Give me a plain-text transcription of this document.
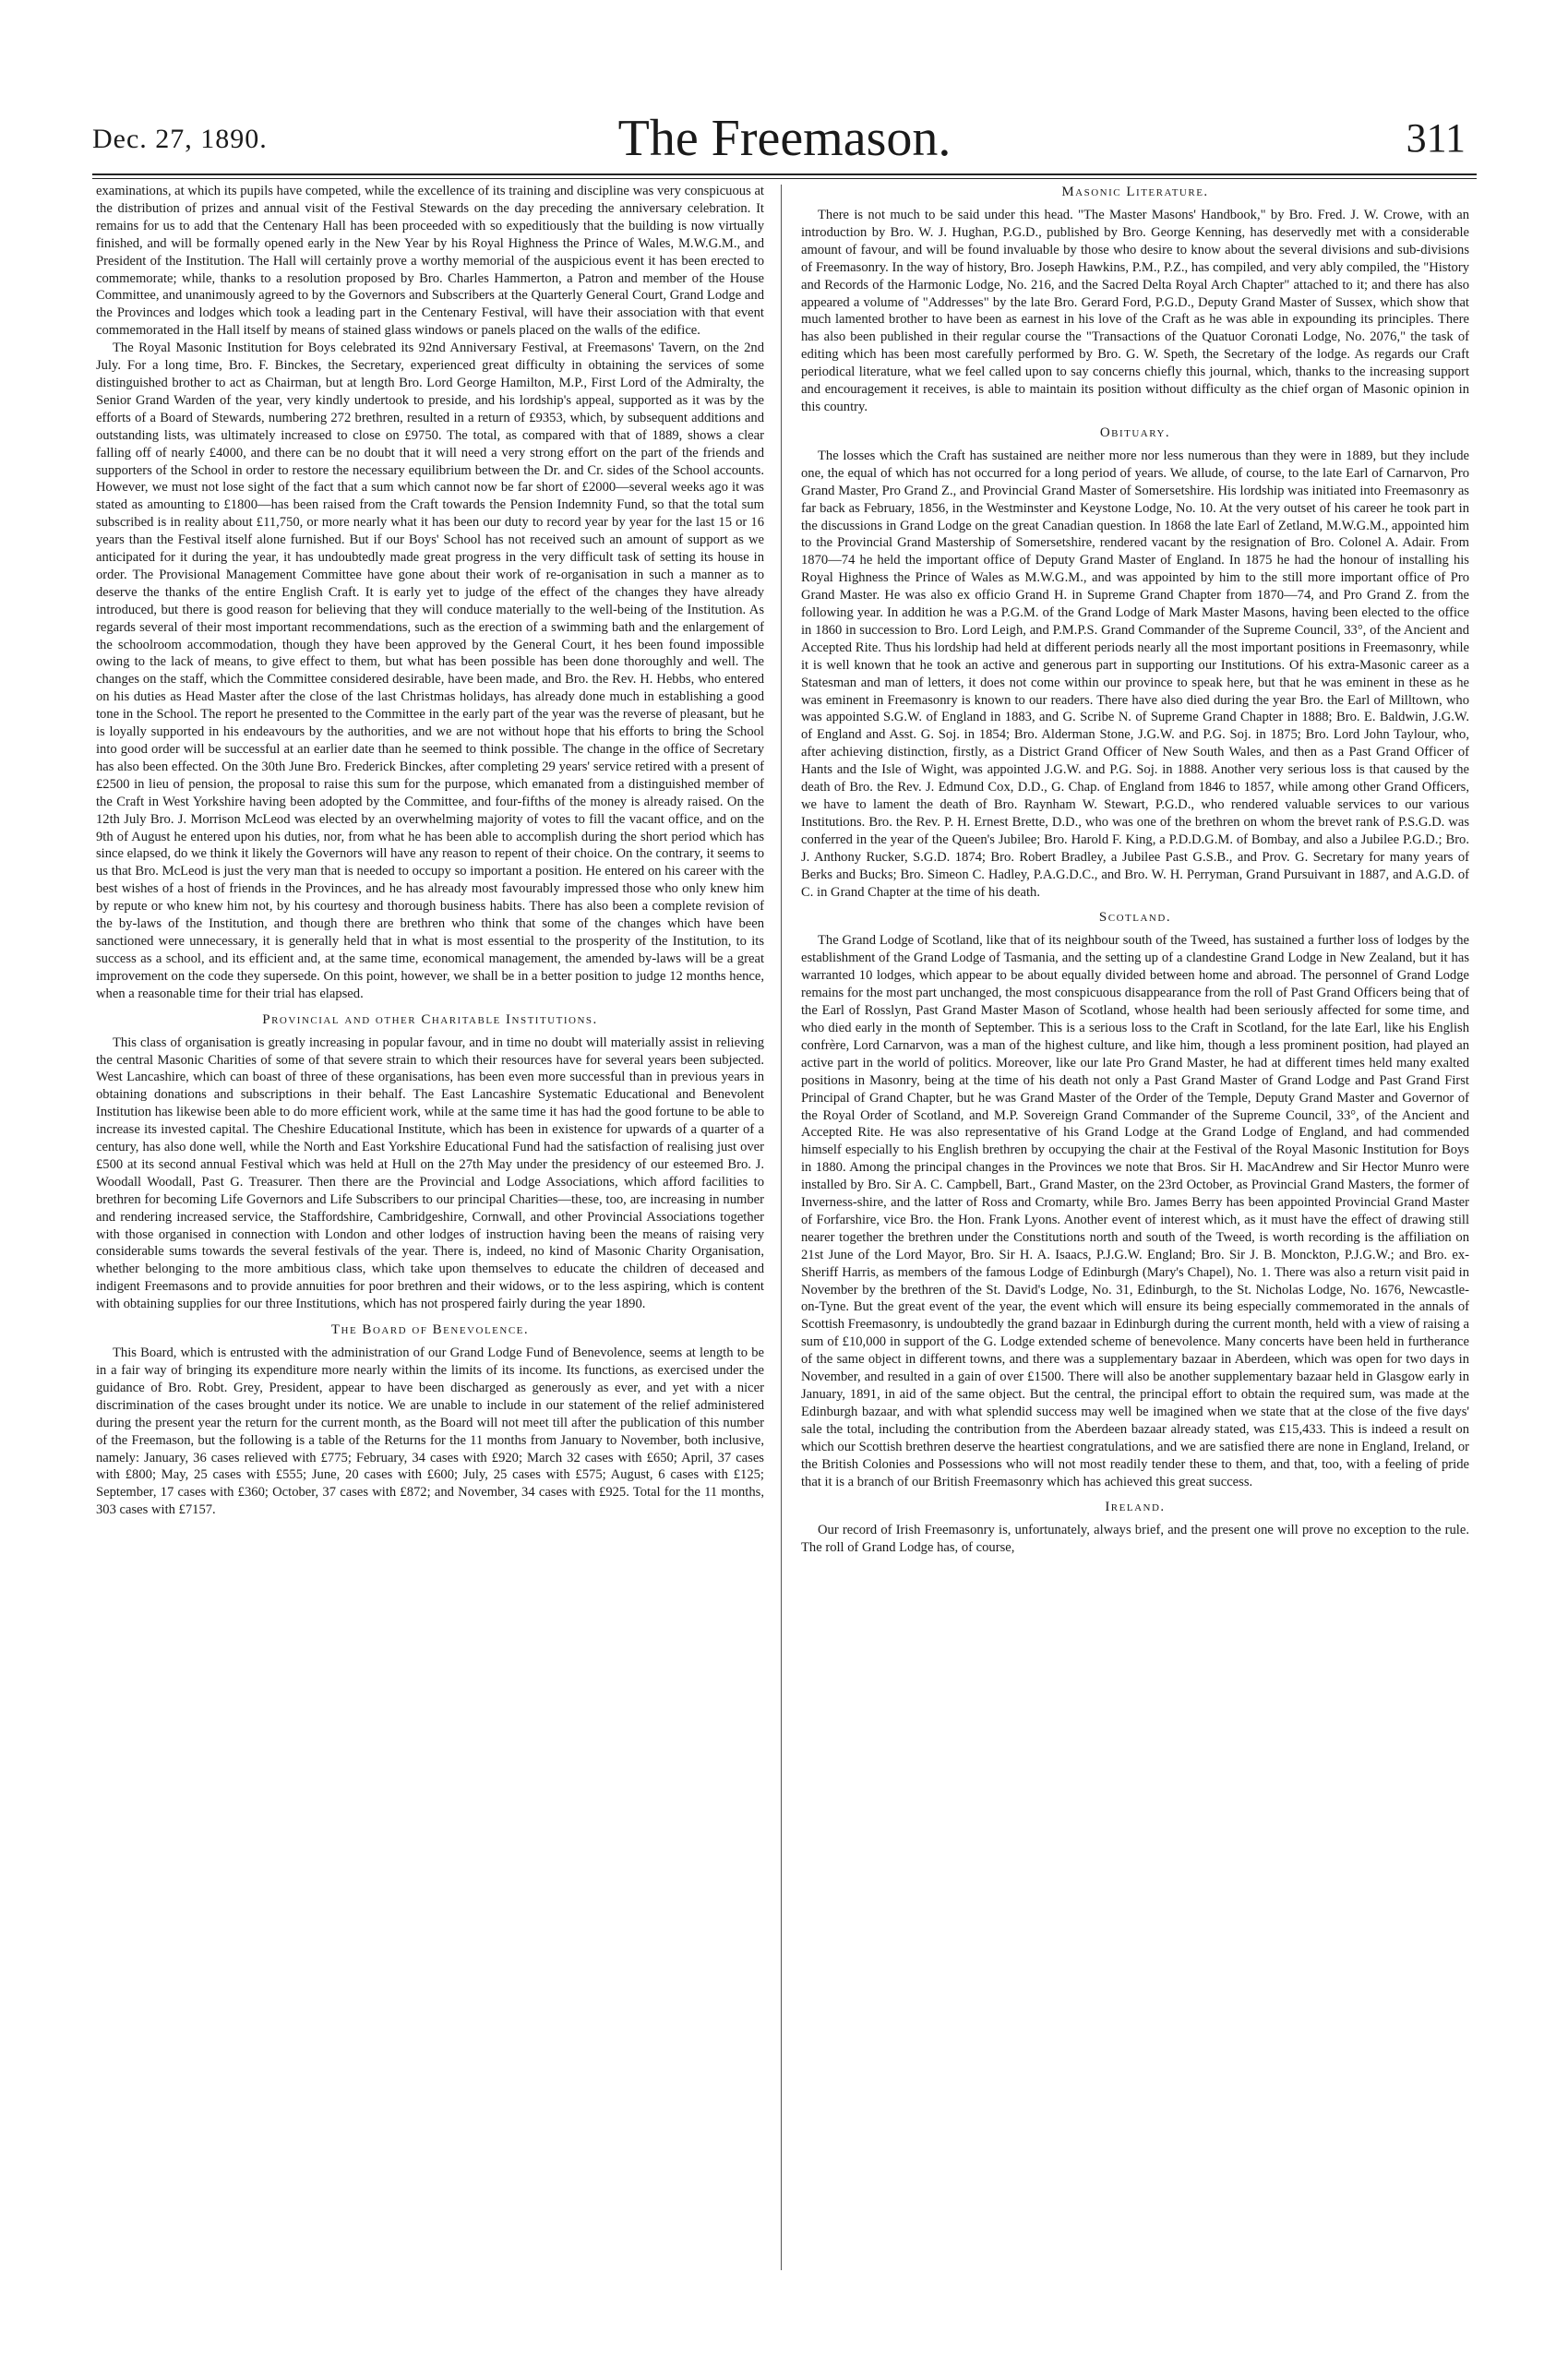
Dec. 27, 1890.	The Freemason.	311

examinations, at which its pupils have competed, while the excellence of its training and discipline was very conspicuous at the distribution of prizes and annual visit of the Festival Stewards on the day preceding the anniversary celebration. It remains for us to add that the Centenary Hall has been proceeded with so expeditiously that the building is now virtually finished, and will be formally opened early in the New Year by his Royal Highness the Prince of Wales, M.W.G.M., and President of the Institution. The Hall will certainly prove a worthy memorial of the auspicious event it has been erected to commemorate; while, thanks to a resolution proposed by Bro. Charles Hammerton, a Patron and member of the House Committee, and unanimously agreed to by the Governors and Subscribers at the Quarterly General Court, Grand Lodge and the Provinces and lodges which took a leading part in the Centenary Festival, will have their association with that event commemorated in the Hall itself by means of stained glass windows or panels placed on the walls of the edifice.

The Royal Masonic Institution for Boys celebrated its 92nd Anniversary Festival, at Freemasons' Tavern, on the 2nd July. For a long time, Bro. F. Binckes, the Secretary, experienced great difficulty in obtaining the services of some distinguished brother to act as Chairman, but at length Bro. Lord George Hamilton, M.P., First Lord of the Admiralty, the Senior Grand Warden of the year, very kindly undertook to preside, and his lordship's appeal, supported as it was by the efforts of a Board of Stewards, numbering 272 brethren, resulted in a return of £9353, which, by subsequent additions and outstanding lists, was ultimately increased to close on £9750. The total, as compared with that of 1889, shows a clear falling off of nearly £4000, and there can be no doubt that it will need a very strong effort on the part of the friends and supporters of the School in order to restore the necessary equilibrium between the Dr. and Cr. sides of the School accounts. However, we must not lose sight of the fact that a sum which cannot now be far short of £2000—several weeks ago it was stated as amounting to £1800—has been raised from the Craft towards the Pension Indemnity Fund, so that the total sum subscribed is in reality about £11,750, or more nearly what it has been our duty to record year by year for the last 15 or 16 years than the Festival itself alone furnished. But if our Boys' School has not received such an amount of support as we anticipated for it during the year, it has undoubtedly made great progress in the very difficult task of setting its house in order. The Provisional Management Committee have gone about their work of re-organisation in such a manner as to deserve the thanks of the entire English Craft. It is early yet to judge of the effect of the changes they have already introduced, but there is good reason for believing that they will conduce materially to the well-being of the Institution. As regards several of their most important recommendations, such as the erection of a swimming bath and the enlargement of the schoolroom accommodation, though they have been approved by the General Court, it hes been found impossible owing to the lack of means, to give effect to them, but what has been possible has been done thoroughly and well. The changes on the staff, which the Committee considered desirable, have been made, and Bro. the Rev. H. Hebbs, who entered on his duties as Head Master after the close of the last Christmas holidays, has already done much in establishing a good tone in the School. The report he presented to the Committee in the early part of the year was the reverse of pleasant, but he is loyally supported in his endeavours by the authorities, and we are not without hope that his efforts to bring the School into good order will be successful at an earlier date than he seemed to think possible. The change in the office of Secretary has also been effected. On the 30th June Bro. Frederick Binckes, after completing 29 years' service retired with a present of £2500 in lieu of pension, the proposal to raise this sum for the purpose, which emanated from a distinguished member of the Craft in West Yorkshire having been adopted by the Committee, and four-fifths of the money is already raised. On the 12th July Bro. J. Morrison McLeod was elected by an overwhelming majority of votes to fill the vacant office, and on the 9th of August he entered upon his duties, nor, from what he has been able to accomplish during the short period which has since elapsed, do we think it likely the Governors will have any reason to repent of their choice. On the contrary, it seems to us that Bro. McLeod is just the very man that is needed to occupy so important a position. He entered on his career with the best wishes of a host of friends in the Provinces, and he has already most favourably impressed those who only knew him by repute or who knew him not, by his courtesy and thorough business habits. There has also been a complete revision of the by-laws of the Institution, and though there are brethren who think that some of the changes which have been sanctioned were unnecessary, it is generally held that in what is most essential to the prosperity of the Institution, to its success as a school, and its efficient and, at the same time, economical management, the amended by-laws will be a great improvement on the code they supersede. On this point, however, we shall be in a better position to judge 12 months hence, when a reasonable time for their trial has elapsed.

Provincial and other Charitable Institutions.

This class of organisation is greatly increasing in popular favour, and in time no doubt will materially assist in relieving the central Masonic Charities of some of that severe strain to which their resources have for several years been subjected. West Lancashire, which can boast of three of these organisations, has been even more successful than in previous years in obtaining donations and subscriptions in their behalf. The East Lancashire Systematic Educational and Benevolent Institution has likewise been able to do more efficient work, while at the same time it has had the good fortune to be able to increase its invested capital. The Cheshire Educational Institute, which has been in existence for upwards of a quarter of a century, has also done well, while the North and East Yorkshire Educational Fund had the satisfaction of realising just over £500 at its second annual Festival which was held at Hull on the 27th May under the presidency of our esteemed Bro. J. Woodall Woodall, Past G. Treasurer. Then there are the Provincial and Lodge Associations, which afford facilities to brethren for becoming Life Governors and Life Subscribers to our principal Charities—these, too, are increasing in number and rendering increased service, the Staffordshire, Cambridgeshire, Cornwall, and other Provincial Associations together with those organised in connection with London and other lodges of instruction having been the means of raising very considerable sums towards the several festivals of the year. There is, indeed, no kind of Masonic Charity Organisation, whether belonging to the more ambitious class, which take upon themselves to educate the children of deceased and indigent Freemasons and to provide annuities for poor brethren and their widows, or to the less aspiring, which is content with obtaining supplies for our three Institutions, which has not prospered fairly during the year 1890.

The Board of Benevolence.

This Board, which is entrusted with the administration of our Grand Lodge Fund of Benevolence, seems at length to be in a fair way of bringing its expenditure more nearly within the limits of its income. Its functions, as exercised under the guidance of Bro. Robt. Grey, President, appear to have been discharged as generously as ever, and yet with a nicer discrimination of the cases brought under its notice. We are unable to include in our statement of the relief administered during the present year the return for the current month, as the Board will not meet till after the publication of this number of the Freemason, but the following is a table of the Returns for the 11 months from January to November, both inclusive, namely: January, 36 cases relieved with £775; February, 34 cases with £920; March 32 cases with £650; April, 37 cases with £800; May, 25 cases with £555; June, 20 cases with £600; July, 25 cases with £575; August, 6 cases with £125; September, 17 cases with £360; October, 37 cases with £872; and November, 34 cases with £925. Total for the 11 months, 303 cases with £7157.

Masonic Literature.

There is not much to be said under this head. "The Master Masons' Handbook," by Bro. Fred. J. W. Crowe, with an introduction by Bro. W. J. Hughan, P.G.D., published by Bro. George Kenning, has deservedly met with a considerable amount of favour, and will be found invaluable by those who desire to know about the several divisions and sub-divisions of Freemasonry. In the way of history, Bro. Joseph Hawkins, P.M., P.Z., has compiled, and very ably compiled, the "History and Records of the Harmonic Lodge, No. 216, and the Sacred Delta Royal Arch Chapter" attached to it; and there has also appeared a volume of "Addresses" by the late Bro. Gerard Ford, P.G.D., Deputy Grand Master of Sussex, which show that much lamented brother to have been as earnest in his love of the Craft as he was able in expounding its principles. There has also been published in their regular course the "Transactions of the Quatuor Coronati Lodge, No. 2076," the task of editing which has been most carefully performed by Bro. G. W. Speth, the Secretary of the lodge. As regards our Craft periodical literature, what we feel called upon to say concerns chiefly this journal, which, thanks to the increasing support and encouragement it receives, is able to maintain its position without difficulty as the chief organ of Masonic opinion in this country.

Obituary.

The losses which the Craft has sustained are neither more nor less numerous than they were in 1889, but they include one, the equal of which has not occurred for a long period of years. We allude, of course, to the late Earl of Carnarvon, Pro Grand Master, Pro Grand Z., and Provincial Grand Master of Somersetshire. His lordship was initiated into Freemasonry as far back as February, 1856, in the Westminster and Keystone Lodge, No. 10. At the very outset of his career he took part in the discussions in Grand Lodge on the great Canadian question. In 1868 the late Earl of Zetland, M.W.G.M., appointed him to the Provincial Grand Mastership of Somersetshire, rendered vacant by the resignation of Bro. Colonel A. Adair. From 1870—74 he held the important office of Deputy Grand Master of England. In 1875 he had the honour of installing his Royal Highness the Prince of Wales as M.W.G.M., and was appointed by him to the still more important office of Pro Grand Master. He was also ex officio Grand H. in Supreme Grand Chapter from 1870—74, and Pro Grand Z. from the following year. In addition he was a P.G.M. of the Grand Lodge of Mark Master Masons, having been elected to the office in 1860 in succession to Bro. Lord Leigh, and P.M.P.S. Grand Commander of the Supreme Council, 33°, of the Ancient and Accepted Rite. Thus his lordship had held at different periods nearly all the most important positions in Freemasonry, while it is well known that he took an active and generous part in supporting our Institutions. Of his extra-Masonic career as a Statesman and man of letters, it does not come within our province to speak here, but that he was eminent in these as he was eminent in Freemasonry is known to our readers. There have also died during the year Bro. the Earl of Milltown, who was appointed S.G.W. of England in 1883, and G. Scribe N. of Supreme Grand Chapter in 1888; Bro. E. Baldwin, J.G.W. of England and Asst. G. Soj. in 1854; Bro. Alderman Stone, J.G.W. and P.G. Soj. in 1875; Bro. Lord John Taylour, who, after achieving distinction, firstly, as a District Grand Officer of New South Wales, and then as a Past Grand Officer of Hants and the Isle of Wight, was appointed J.G.W. and P.G. Soj. in 1888. Another very serious loss is that caused by the death of Bro. the Rev. J. Edmund Cox, D.D., G. Chap. of England from 1846 to 1857, while among other Grand Officers, we have to lament the death of Bro. Raynham W. Stewart, P.G.D., who rendered valuable services to our various Institutions. Bro. the Rev. P. H. Ernest Brette, D.D., who was one of the brethren on whom the brevet rank of P.S.G.D. was conferred in the year of the Queen's Jubilee; Bro. Harold F. King, a P.D.D.G.M. of Bombay, and also a Jubilee P.G.D.; Bro. J. Anthony Rucker, S.G.D. 1874; Bro. Robert Bradley, a Jubilee Past G.S.B., and Prov. G. Secretary for many years of Berks and Bucks; Bro. Simeon C. Hadley, P.A.G.D.C., and Bro. W. H. Perryman, Grand Pursuivant in 1887, and A.G.D. of C. in Grand Chapter at the time of his death.

Scotland.

The Grand Lodge of Scotland, like that of its neighbour south of the Tweed, has sustained a further loss of lodges by the establishment of the Grand Lodge of Tasmania, and the setting up of a clandestine Grand Lodge in New Zealand, but it has warranted 10 lodges, which appear to be about equally divided between home and abroad. The personnel of Grand Lodge remains for the most part unchanged, the most conspicuous disappearance from the roll of Past Grand Officers being that of the Earl of Rosslyn, Past Grand Master Mason of Scotland, whose health had been seriously affected for some time, and who died early in the month of September. This is a serious loss to the Craft in Scotland, for the late Earl, like his English confrère, Lord Carnarvon, was a man of the highest culture, and like him, though a less prominent position, had played an active part in the world of politics. Moreover, like our late Pro Grand Master, he had at different times held many exalted positions in Masonry, being at the time of his death not only a Past Grand Master of Grand Lodge and Past Grand First Principal of Grand Chapter, but he was Grand Master of the Order of the Temple, Deputy Grand Master and Governor of the Royal Order of Scotland, and M.P. Sovereign Grand Commander of the Supreme Council, 33°, of the Ancient and Accepted Rite. He was also representative of his Grand Lodge at the Grand Lodge of England, and had commended himself especially to his English brethren by occupying the chair at the Festival of the Royal Masonic Institution for Boys in 1880. Among the principal changes in the Provinces we note that Bros. Sir H. MacAndrew and Sir Hector Munro were installed by Bro. Sir A. C. Campbell, Bart., Grand Master, on the 23rd October, as Provincial Grand Masters, the former of Inverness-shire, and the latter of Ross and Cromarty, while Bro. James Berry has been appointed Provincial Grand Master of Forfarshire, vice Bro. the Hon. Frank Lyons. Another event of interest which, as it must have the effect of drawing still nearer together the brethren under the Constitutions north and south of the Tweed, is worth recording is the affiliation on 21st June of the Lord Mayor, Bro. Sir H. A. Isaacs, P.J.G.W. England; Bro. Sir J. B. Monckton, P.J.G.W.; and Bro. ex-Sheriff Harris, as members of the famous Lodge of Edinburgh (Mary's Chapel), No. 1. There was also a return visit paid in November by the brethren of the St. David's Lodge, No. 31, Edinburgh, to the St. Nicholas Lodge, No. 1676, Newcastle-on-Tyne. But the great event of the year, the event which will ensure its being especially commemorated in the annals of Scottish Freemasonry, is undoubtedly the grand bazaar in Edinburgh during the current month, held with a view of raising a sum of £10,000 in support of the G. Lodge extended scheme of benevolence. Many concerts have been held in furtherance of the same object in different towns, and there was a supplementary bazaar in Aberdeen, which was open for two days in November, and resulted in a gain of over £1500. There will also be another supplementary bazaar held in Glasgow early in January, 1891, in aid of the same object. But the central, the principal effort to obtain the required sum, was made at the Edinburgh bazaar, and with what splendid success may well be imagined when we state that at the close of the five days' sale the total, including the contribution from the Aberdeen bazaar already stated, was £15,433. This is indeed a result on which our Scottish brethren deserve the heartiest congratulations, and we are satisfied there are none in England, Ireland, or the British Colonies and Possessions who will not most readily tender these to them, and that, too, with a feeling of pride that it is a branch of our British Freemasonry which has achieved this great success.

Ireland.

Our record of Irish Freemasonry is, unfortunately, always brief, and the present one will prove no exception to the rule. The roll of Grand Lodge has, of course,
